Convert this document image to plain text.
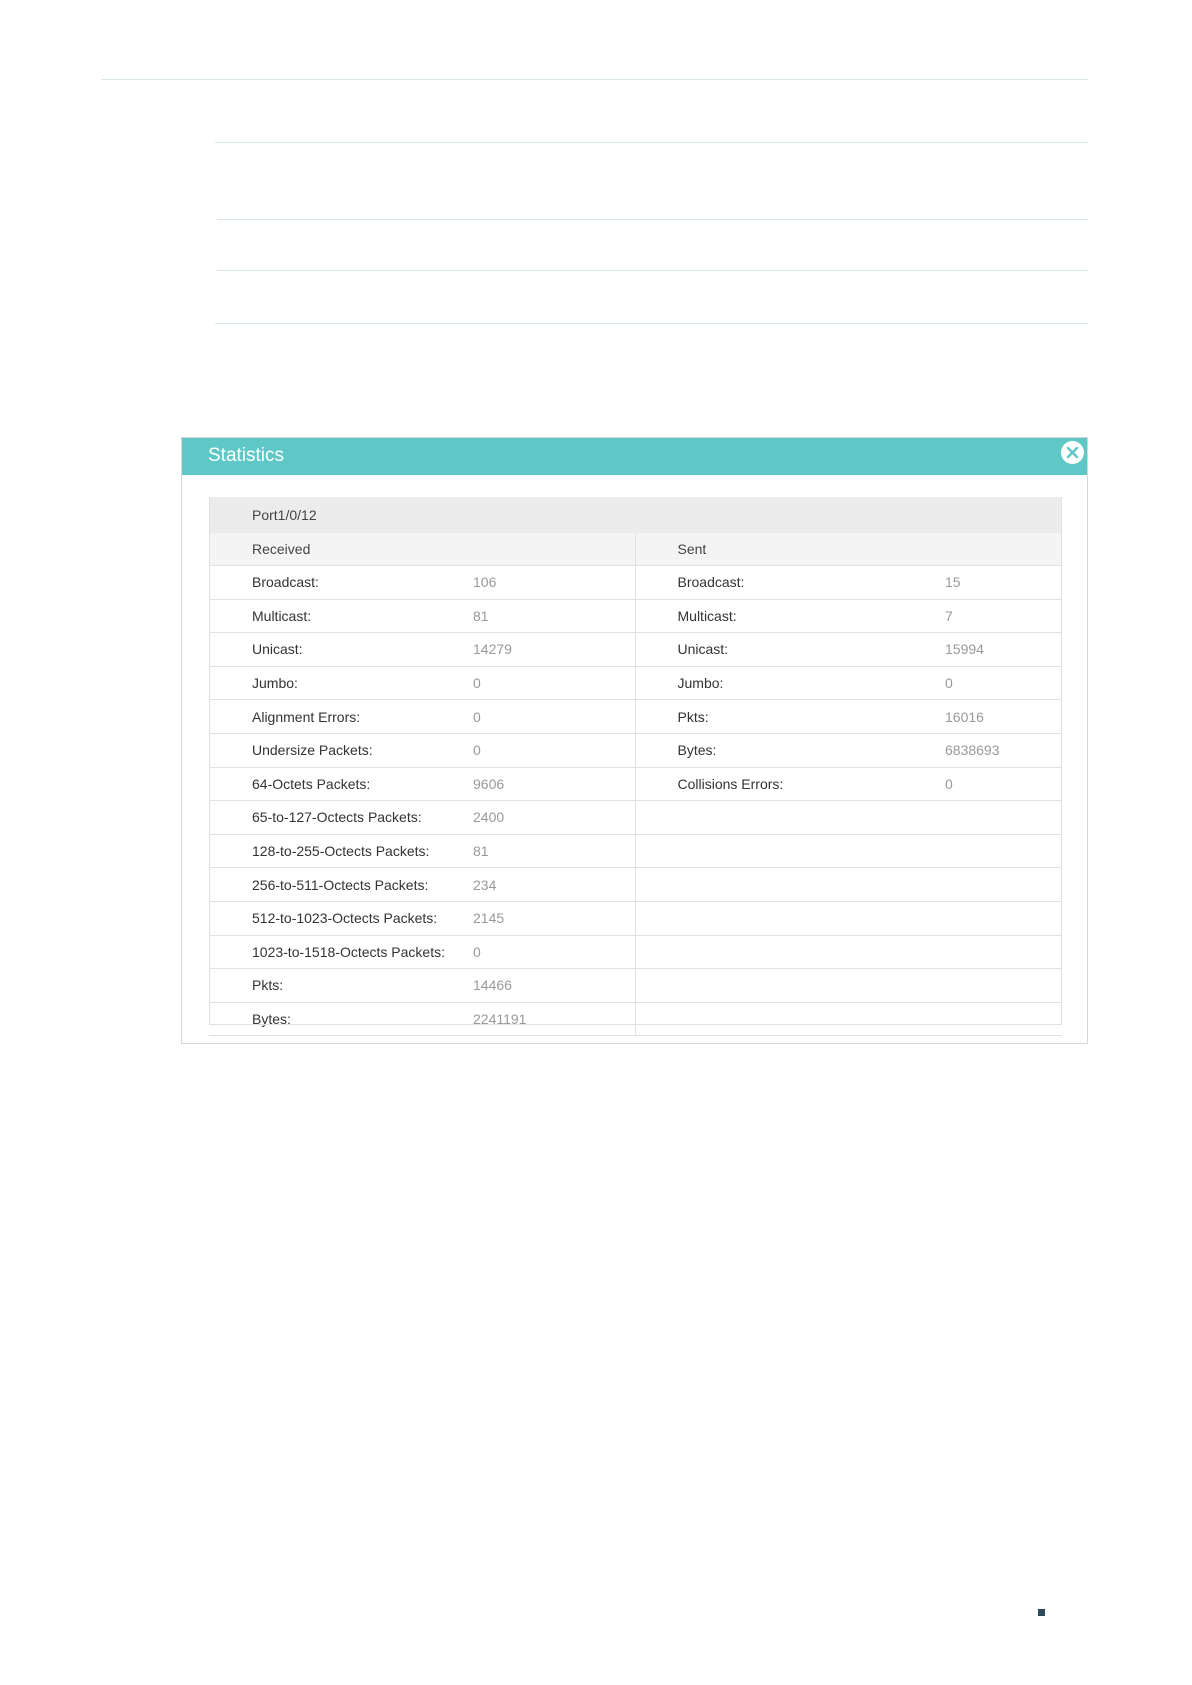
Statistics
Port1/0/12			
Received		Sent	
Broadcast:	106	Broadcast:	15
Multicast:	81	Multicast:	7
Unicast:	14279	Unicast:	15994
Jumbo:	0	Jumbo:	0
Alignment Errors:	0	Pkts:	16016
Undersize Packets:	0	Bytes:	6838693
64-Octets Packets:	9606	Collisions Errors:	0
65-to-127-Octects Packets:	2400		
128-to-255-Octects Packets:	81		
256-to-511-Octects Packets:	234		
512-to-1023-Octects Packets:	2145		
1023-to-1518-Octects Packets:	0		
Pkts:	14466		
Bytes:	2241191		
